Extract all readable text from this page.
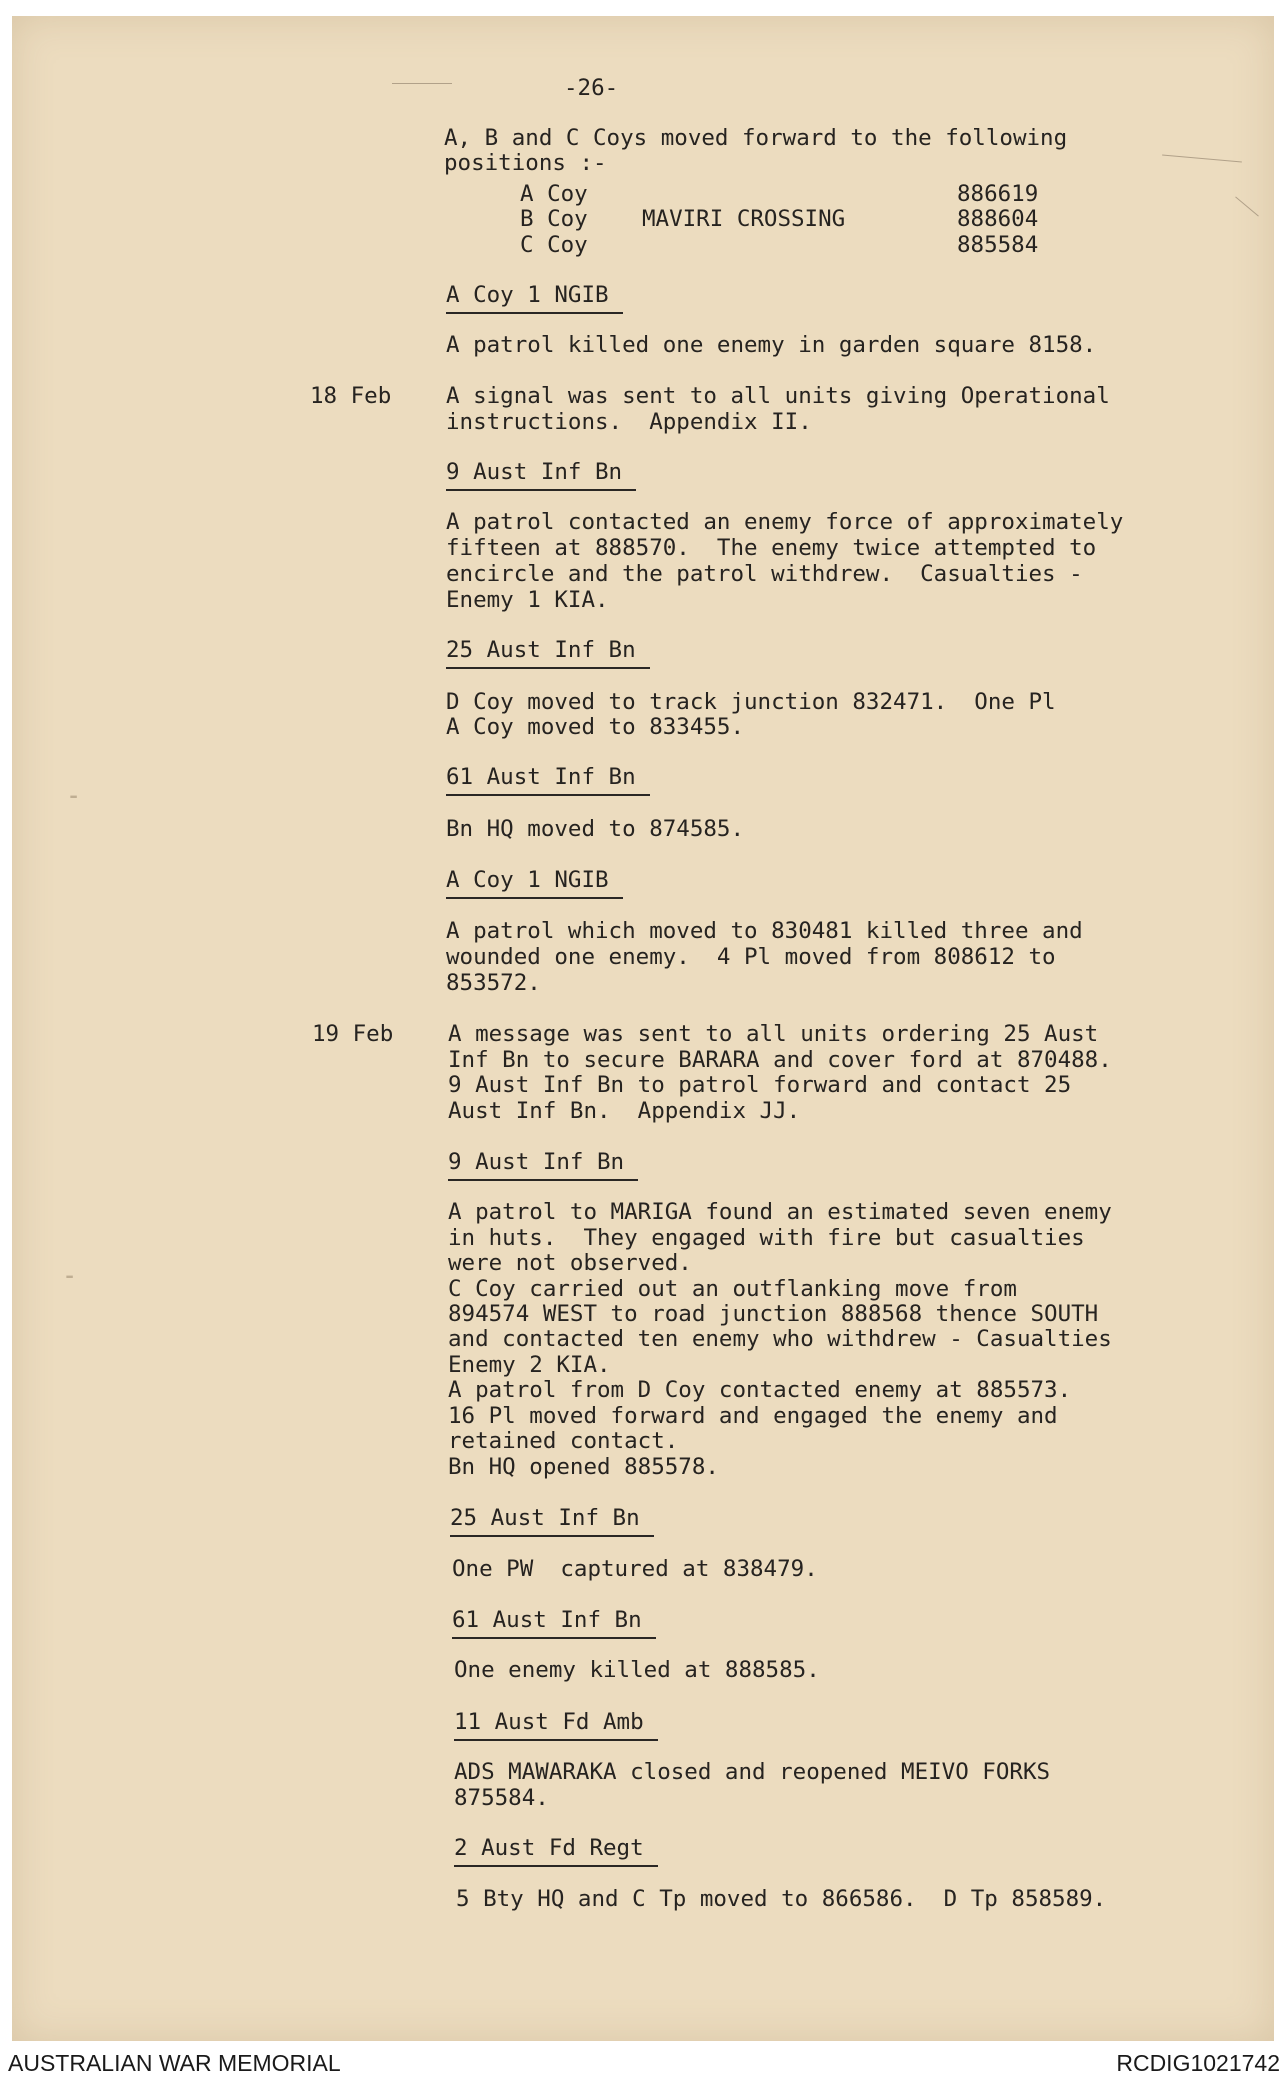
⁃
⁃
-26-
A, B and C Coys moved forward to the following
positions :-
A Coy
B Coy
C Coy
MAVIRI CROSSING
886619
888604
885584
A Coy 1 NGIB
A patrol killed one enemy in garden square 8158.
18 Feb A signal was sent to all units giving Operational
instructions.  Appendix II.
9 Aust Inf Bn
A patrol contacted an enemy force of approximately
fifteen at 888570.  The enemy twice attempted to
encircle and the patrol withdrew.  Casualties -
Enemy 1 KIA.
25 Aust Inf Bn
D Coy moved to track junction 832471.  One Pl
A Coy moved to 833455.
61 Aust Inf Bn
Bn HQ moved to 874585.
A Coy 1 NGIB
A patrol which moved to 830481 killed three and
wounded one enemy.  4 Pl moved from 808612 to
853572.
19 Feb A message was sent to all units ordering 25 Aust
Inf Bn to secure BARARA and cover ford at 870488.
9 Aust Inf Bn to patrol forward and contact 25
Aust Inf Bn.  Appendix JJ.
9 Aust Inf Bn
A patrol to MARIGA found an estimated seven enemy
in huts.  They engaged with fire but casualties
were not observed.
C Coy carried out an outflanking move from
894574 WEST to road junction 888568 thence SOUTH
and contacted ten enemy who withdrew - Casualties
Enemy 2 KIA.
A patrol from D Coy contacted enemy at 885573.
16 Pl moved forward and engaged the enemy and
retained contact.
Bn HQ opened 885578.
25 Aust Inf Bn
One PW  captured at 838479.
61 Aust Inf Bn
One enemy killed at 888585.
11 Aust Fd Amb
ADS MAWARAKA closed and reopened MEIVO FORKS
875584.
2 Aust Fd Regt
5 Bty HQ and C Tp moved to 866586.  D Tp 858589.
AUSTRALIAN WAR MEMORIAL	RCDIG1021742
